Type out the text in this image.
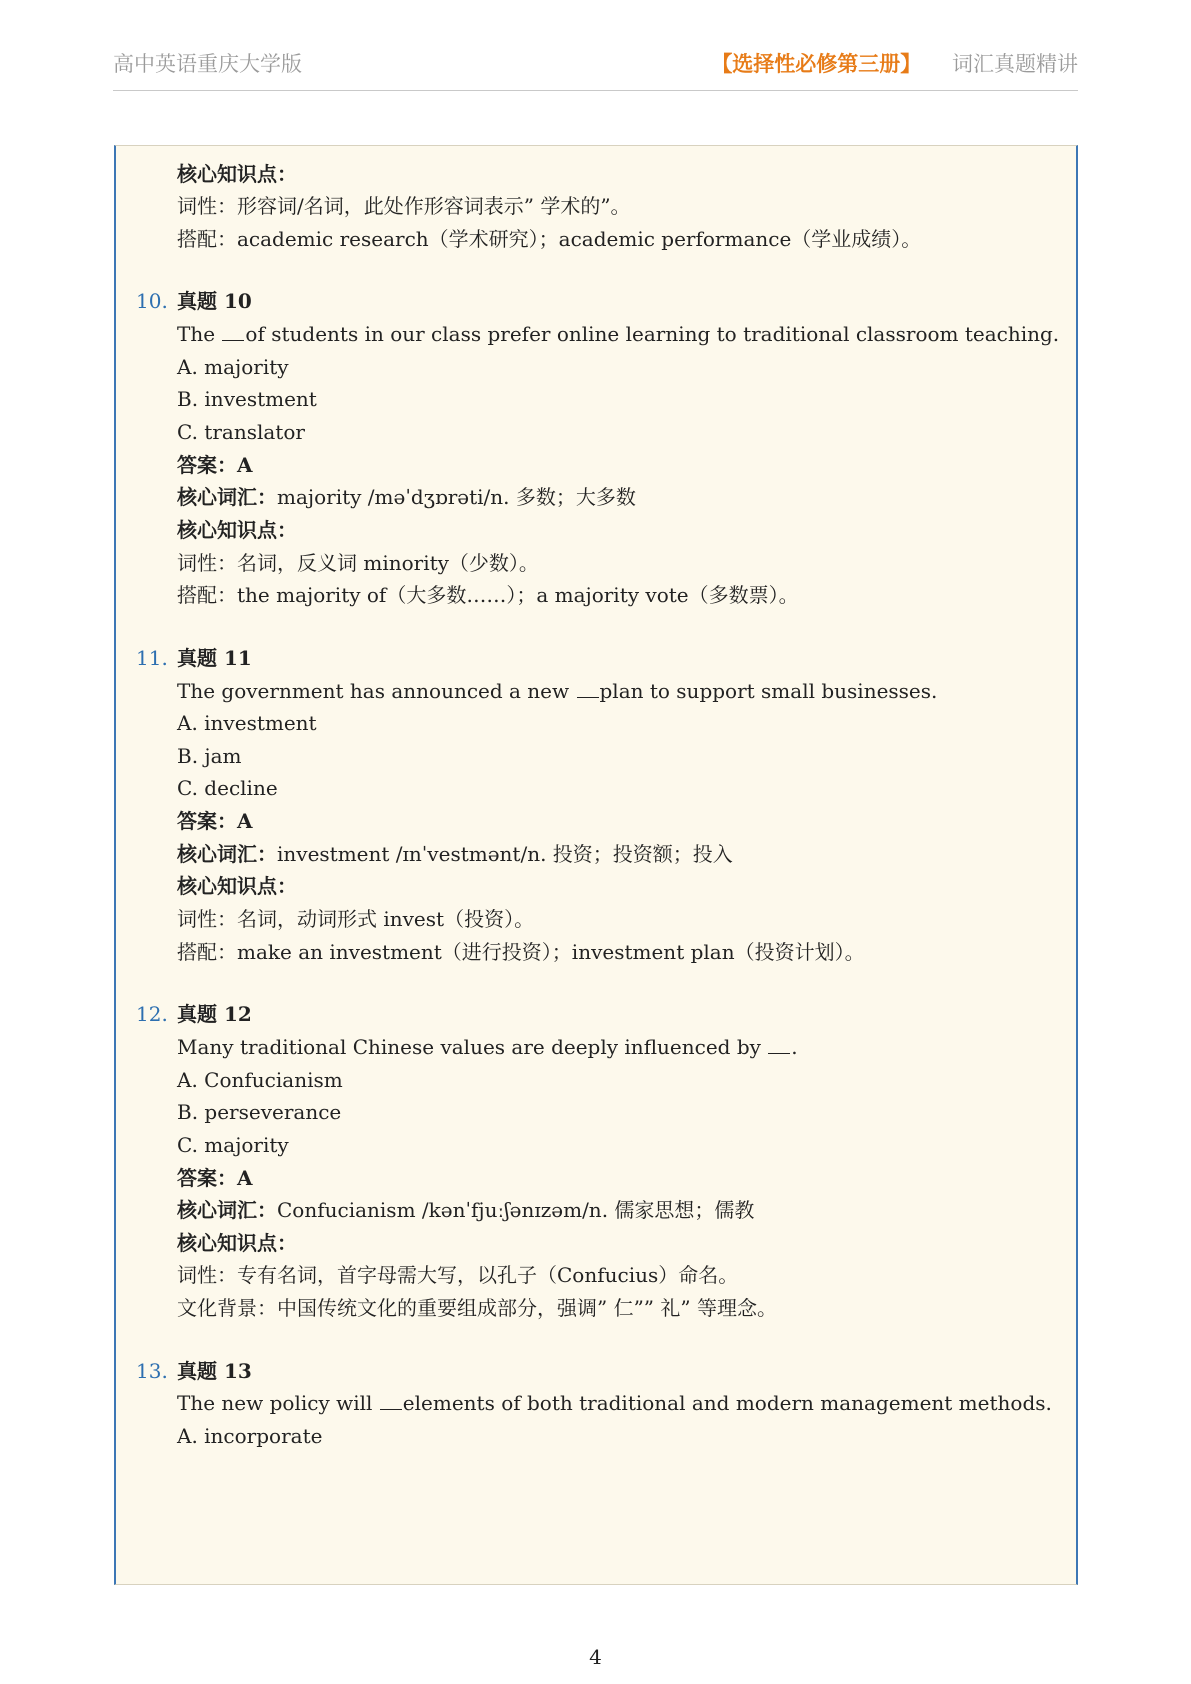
高中英语重庆大学版	【选择性必修第三册】 词汇真题精讲
核心知识点：
词性：形容词/名词，此处作形容词表示” 学术的”。
搭配：academic research（学术研究）；academic performance（学业成绩）。
10. 真题 10
The of students in our class prefer online learning to traditional classroom teaching.
A. majority
B. investment
C. translator
答案：A
核心词汇：majority /məˈdʒɒrəti/n. 多数；大多数
核心知识点：
词性：名词，反义词 minority（少数）。
搭配：the majority of（大多数……）；a majority vote（多数票）。
11. 真题 11
The government has announced a new plan to support small businesses.
A. investment
B. jam
C. decline
答案：A
核心词汇：investment /ɪnˈvestmənt/n. 投资；投资额；投入
核心知识点：
词性：名词，动词形式 invest（投资）。
搭配：make an investment（进行投资）；investment plan（投资计划）。
12. 真题 12
Many traditional Chinese values are deeply influenced by .
A. Confucianism
B. perseverance
C. majority
答案：A
核心词汇：Confucianism /kənˈfjuːʃənɪzəm/n. 儒家思想；儒教
核心知识点：
词性：专有名词，首字母需大写，以孔子（Confucius）命名。
文化背景：中国传统文化的重要组成部分，强调” 仁”” 礼” 等理念。
13. 真题 13
The new policy will elements of both traditional and modern management methods.
A. incorporate
4
